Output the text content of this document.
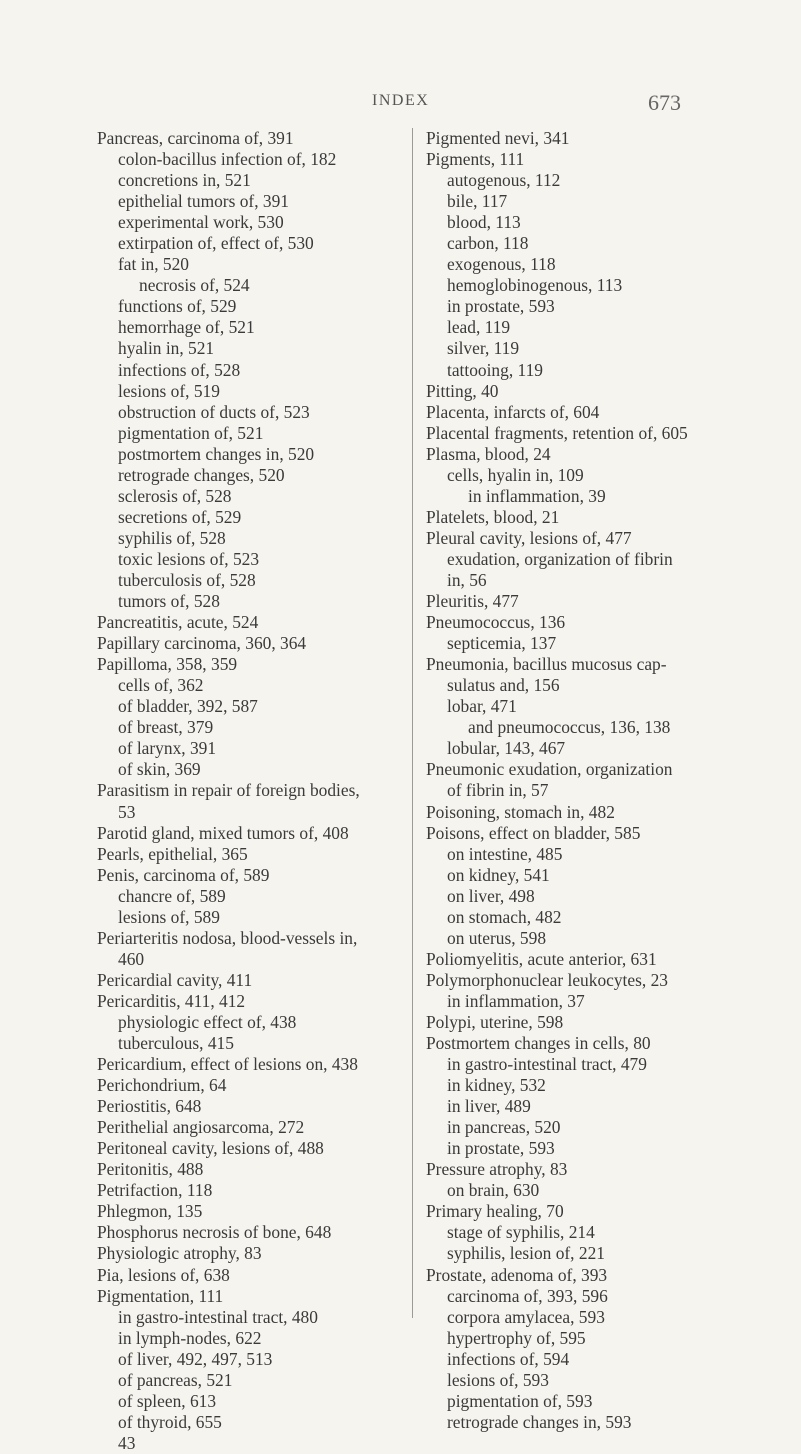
INDEX	673
Pancreas, carcinoma of, 391
colon-bacillus infection of, 182
concretions in, 521
epithelial tumors of, 391
experimental work, 530
extirpation of, effect of, 530
fat in, 520
necrosis of, 524
functions of, 529
hemorrhage of, 521
hyalin in, 521
infections of, 528
lesions of, 519
obstruction of ducts of, 523
pigmentation of, 521
postmortem changes in, 520
retrograde changes, 520
sclerosis of, 528
secretions of, 529
syphilis of, 528
toxic lesions of, 523
tuberculosis of, 528
tumors of, 528
Pancreatitis, acute, 524
Papillary carcinoma, 360, 364
Papilloma, 358, 359
cells of, 362
of bladder, 392, 587
of breast, 379
of larynx, 391
of skin, 369
Parasitism in repair of foreign bodies,
53
Parotid gland, mixed tumors of, 408
Pearls, epithelial, 365
Penis, carcinoma of, 589
chancre of, 589
lesions of, 589
Periarteritis nodosa, blood-vessels in,
460
Pericardial cavity, 411
Pericarditis, 411, 412
physiologic effect of, 438
tuberculous, 415
Pericardium, effect of lesions on, 438
Perichondrium, 64
Periostitis, 648
Perithelial angiosarcoma, 272
Peritoneal cavity, lesions of, 488
Peritonitis, 488
Petrifaction, 118
Phlegmon, 135
Phosphorus necrosis of bone, 648
Physiologic atrophy, 83
Pia, lesions of, 638
Pigmentation, 111
in gastro-intestinal tract, 480
in lymph-nodes, 622
of liver, 492, 497, 513
of pancreas, 521
of spleen, 613
of thyroid, 655
43
Pigmented nevi, 341
Pigments, 111
autogenous, 112
bile, 117
blood, 113
carbon, 118
exogenous, 118
hemoglobinogenous, 113
in prostate, 593
lead, 119
silver, 119
tattooing, 119
Pitting, 40
Placenta, infarcts of, 604
Placental fragments, retention of, 605
Plasma, blood, 24
cells, hyalin in, 109
in inflammation, 39
Platelets, blood, 21
Pleural cavity, lesions of, 477
exudation, organization of fibrin
in, 56
Pleuritis, 477
Pneumococcus, 136
septicemia, 137
Pneumonia, bacillus mucosus cap-
sulatus and, 156
lobar, 471
and pneumococcus, 136, 138
lobular, 143, 467
Pneumonic exudation, organization
of fibrin in, 57
Poisoning, stomach in, 482
Poisons, effect on bladder, 585
on intestine, 485
on kidney, 541
on liver, 498
on stomach, 482
on uterus, 598
Poliomyelitis, acute anterior, 631
Polymorphonuclear leukocytes, 23
in inflammation, 37
Polypi, uterine, 598
Postmortem changes in cells, 80
in gastro-intestinal tract, 479
in kidney, 532
in liver, 489
in pancreas, 520
in prostate, 593
Pressure atrophy, 83
on brain, 630
Primary healing, 70
stage of syphilis, 214
syphilis, lesion of, 221
Prostate, adenoma of, 393
carcinoma of, 393, 596
corpora amylacea, 593
hypertrophy of, 595
infections of, 594
lesions of, 593
pigmentation of, 593
retrograde changes in, 593
